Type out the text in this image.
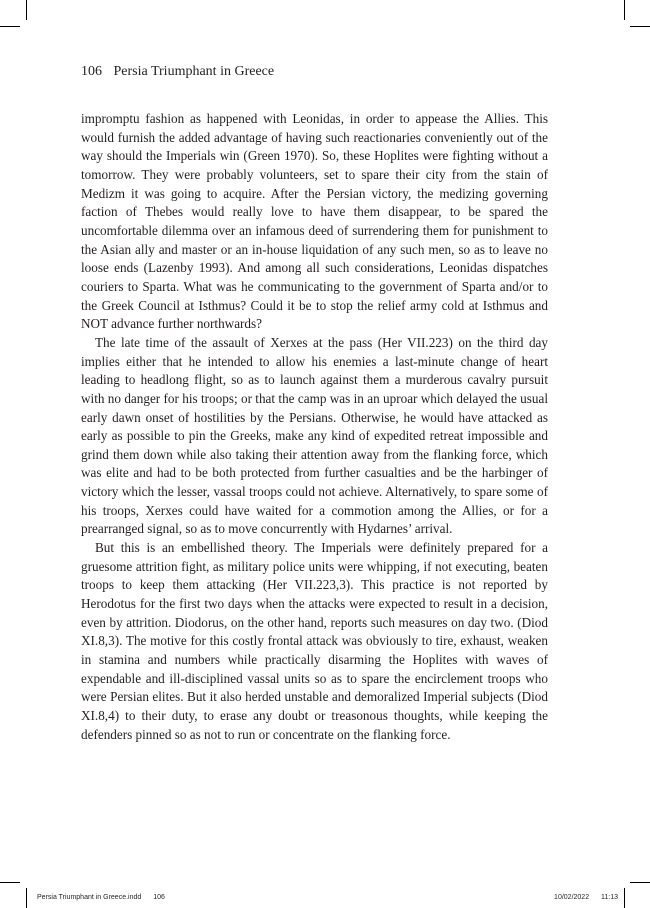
106 Persia Triumphant in Greece

impromptu fashion as happened with Leonidas, in order to appease the Allies. This would furnish the added advantage of having such reactionaries conveniently out of the way should the Imperials win (Green 1970). So, these Hoplites were fighting without a tomorrow. They were probably volunteers, set to spare their city from the stain of Medizm it was going to acquire. After the Persian victory, the medizing governing faction of Thebes would really love to have them disappear, to be spared the uncomfortable dilemma over an infamous deed of surrendering them for punishment to the Asian ally and master or an in-house liquidation of any such men, so as to leave no loose ends (Lazenby 1993). And among all such considerations, Leonidas dispatches couriers to Sparta. What was he communicating to the government of Sparta and/or to the Greek Council at Isthmus? Could it be to stop the relief army cold at Isthmus and NOT advance further northwards?

The late time of the assault of Xerxes at the pass (Her VII.223) on the third day implies either that he intended to allow his enemies a last-minute change of heart leading to headlong flight, so as to launch against them a murderous cavalry pursuit with no danger for his troops; or that the camp was in an uproar which delayed the usual early dawn onset of hostilities by the Persians. Otherwise, he would have attacked as early as possible to pin the Greeks, make any kind of expedited retreat impossible and grind them down while also taking their attention away from the flanking force, which was elite and had to be both protected from further casualties and be the harbinger of victory which the lesser, vassal troops could not achieve. Alternatively, to spare some of his troops, Xerxes could have waited for a commotion among the Allies, or for a prearranged signal, so as to move concurrently with Hydarnes’ arrival.

But this is an embellished theory. The Imperials were definitely prepared for a gruesome attrition fight, as military police units were whipping, if not executing, beaten troops to keep them attacking (Her VII.223,3). This practice is not reported by Herodotus for the first two days when the attacks were expected to result in a decision, even by attrition. Diodorus, on the other hand, reports such measures on day two. (Diod XI.8,3). The motive for this costly frontal attack was obviously to tire, exhaust, weaken in stamina and numbers while practically disarming the Hoplites with waves of expendable and ill-disciplined vassal units so as to spare the encirclement troops who were Persian elites. But it also herded unstable and demoralized Imperial subjects (Diod XI.8,4) to their duty, to erase any doubt or treasonous thoughts, while keeping the defenders pinned so as not to run or concentrate on the flanking force.

Persia Triumphant in Greece.indd 106	10/02/2022 11:13
